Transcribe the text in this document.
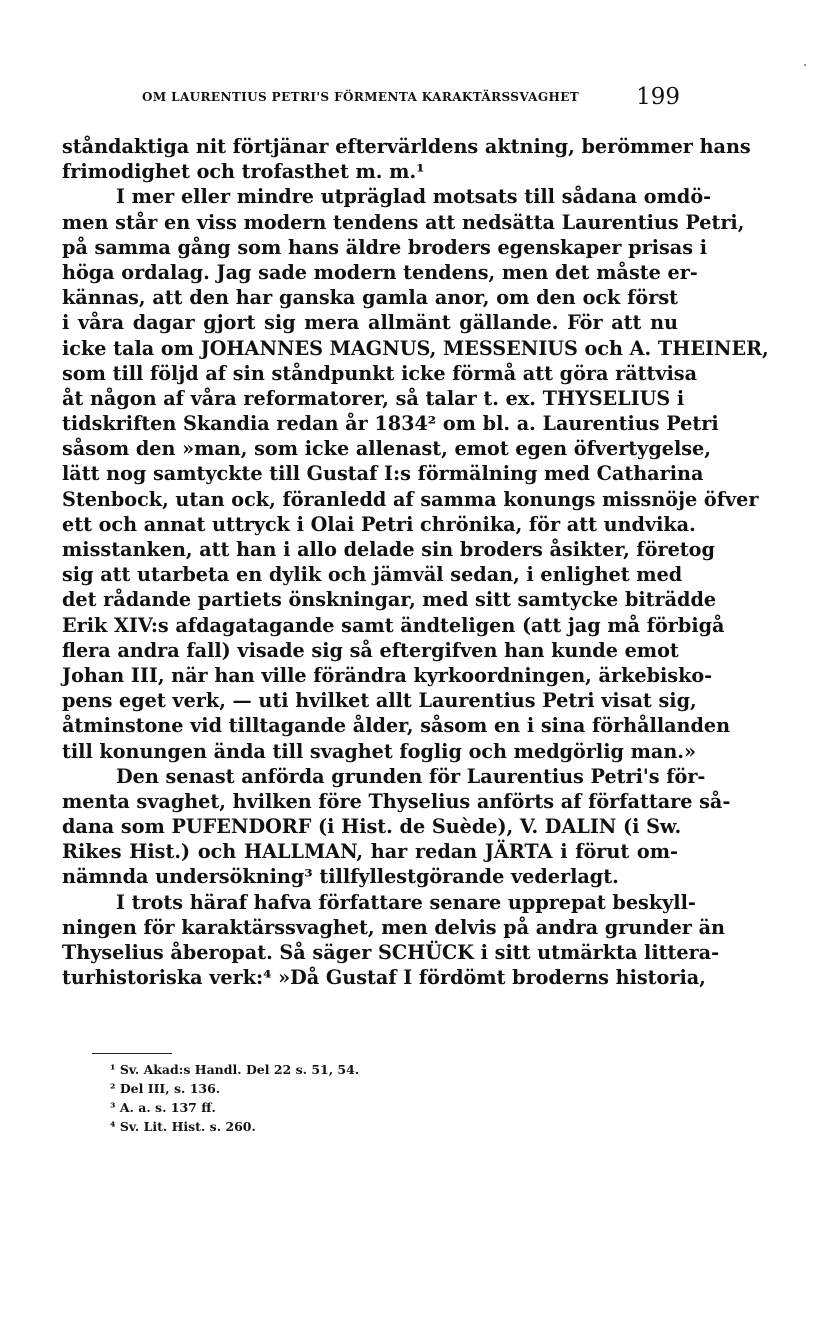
OM LAURENTIUS PETRI'S FÖRMENTA KARAKTÄRSSVAGHET 199
ståndaktiga nit förtjänar eftervärldens aktning, berömmer hans
frimodighet och trofasthet m. m.¹
I mer eller mindre utpräglad motsats till sådana omdö-
men står en viss modern tendens att nedsätta Laurentius Petri,
på samma gång som hans äldre broders egenskaper prisas i
höga ordalag. Jag sade modern tendens, men det måste er-
kännas, att den har ganska gamla anor, om den ock först
i våra dagar gjort sig mera allmänt gällande. För att nu
icke tala om JOHANNES MAGNUS, MESSENIUS och A. THEINER,
som till följd af sin ståndpunkt icke förmå att göra rättvisa
åt någon af våra reformatorer, så talar t. ex. THYSELIUS i
tidskriften Skandia redan år 1834² om bl. a. Laurentius Petri
såsom den »man, som icke allenast, emot egen öfvertygelse,
lätt nog samtyckte till Gustaf I:s förmälning med Catharina
Stenbock, utan ock, föranledd af samma konungs missnöje öfver
ett och annat uttryck i Olai Petri chrönika, för att undvika.
misstanken, att han i allo delade sin broders åsikter, företog
sig att utarbeta en dylik och jämväl sedan, i enlighet med
det rådande partiets önskningar, med sitt samtycke biträdde
Erik XIV:s afdagatagande samt ändteligen (att jag må förbigå
flera andra fall) visade sig så eftergifven han kunde emot
Johan III, när han ville förändra kyrkoordningen, ärkebisko-
pens eget verk, — uti hvilket allt Laurentius Petri visat sig,
åtminstone vid tilltagande ålder, såsom en i sina förhållanden
till konungen ända till svaghet foglig och medgörlig man.»
Den senast anförda grunden för Laurentius Petri's för-
menta svaghet, hvilken före Thyselius anförts af författare så-
dana som PUFENDORF (i Hist. de Suède), V. DALIN (i Sw.
Rikes Hist.) och HALLMAN, har redan JÄRTA i förut om-
nämnda undersökning³ tillfyllestgörande vederlagt.
I trots häraf hafva författare senare upprepat beskyll-
ningen för karaktärssvaghet, men delvis på andra grunder än
Thyselius åberopat. Så säger SCHÜCK i sitt utmärkta littera-
turhistoriska verk:⁴ »Då Gustaf I fördömt broderns historia,
¹ Sv. Akad:s Handl. Del 22 s. 51, 54.
² Del III, s. 136.
³ A. a. s. 137 ff.
⁴ Sv. Lit. Hist. s. 260.
